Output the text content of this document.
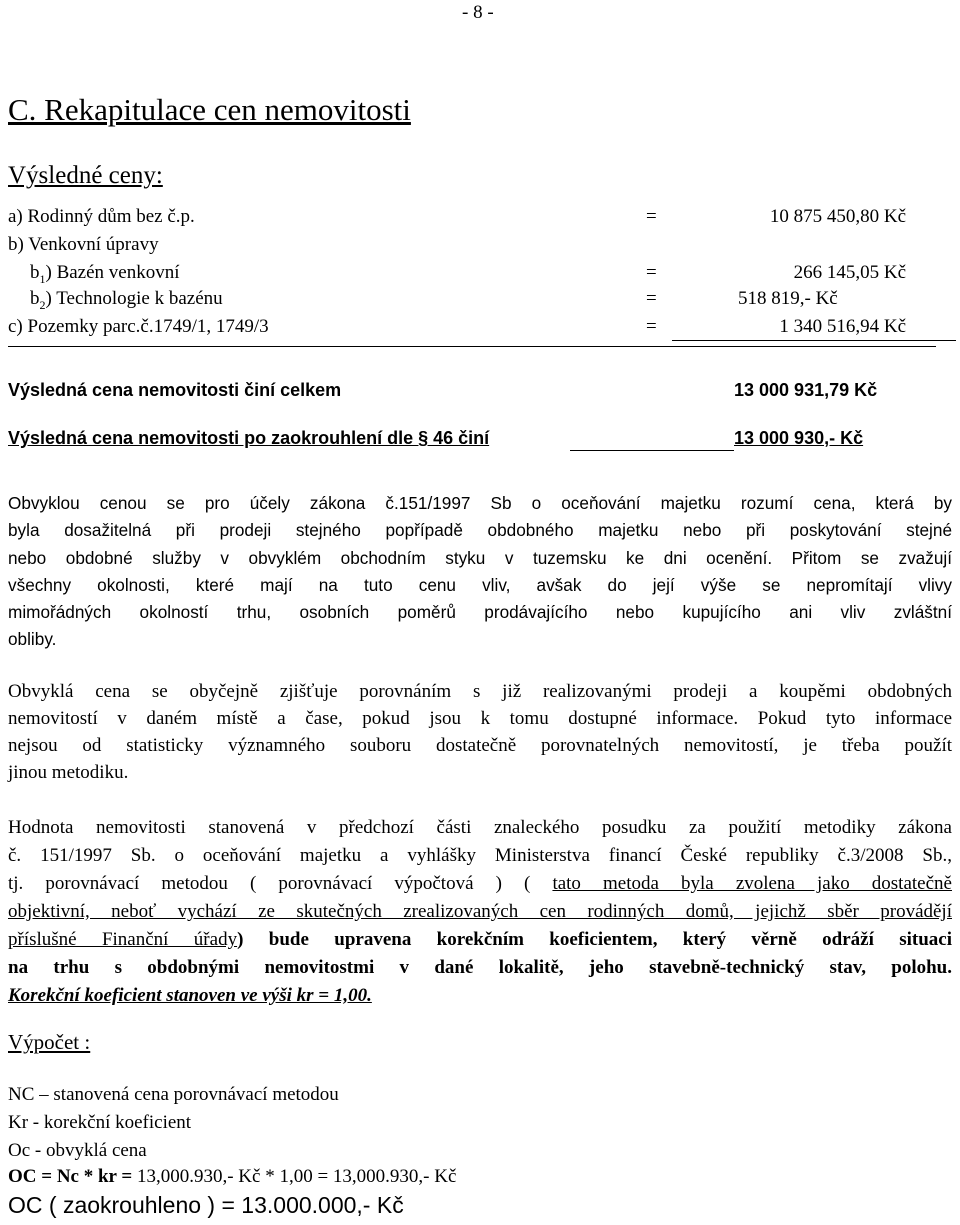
- 8 -
C. Rekapitulace cen nemovitosti
Výsledné ceny:
a) Rodinný dům bez č.p.	=	10 875 450,80 Kč
b) Venkovní úpravy
$b_1$) Bazén venkovní	=	266 145,05 Kč
$b_2$) Technologie k bazénu	=	518 819,- Kč
c) Pozemky parc.č.1749/1, 1749/3	=	1 340 516,94 Kč
Výsledná cena nemovitosti činí celkem	13 000 931,79 Kč
Výsledná cena nemovitosti po zaokrouhlení dle § 46 činí	13 000 930,- Kč
Obvyklou cenou se pro účely zákona č.151/1997 Sb o oceňování majetku rozumí cena, která by
byla dosažitelná při prodeji stejného popřípadě obdobného majetku nebo při poskytování stejné
nebo obdobné služby v obvyklém obchodním styku v tuzemsku ke dni ocenění. Přitom se zvažují
všechny okolnosti, které mají na tuto cenu vliv, avšak do její výše se nepromítají vlivy
mimořádných okolností trhu, osobních poměrů prodávajícího nebo kupujícího ani vliv zvláštní
obliby.
Obvyklá cena se obyčejně zjišťuje porovnáním s již realizovanými prodeji a koupěmi obdobných
nemovitostí v daném místě a čase, pokud jsou k tomu dostupné informace. Pokud tyto informace
nejsou od statisticky významného souboru dostatečně porovnatelných nemovitostí, je třeba použít
jinou metodiku.
Hodnota nemovitosti stanovená v předchozí části znaleckého posudku za použití metodiky zákona
č. 151/1997 Sb. o oceňování majetku a vyhlášky Ministerstva financí České republiky č.3/2008 Sb.,
tj. porovnávací metodou ( porovnávací výpočtová ) ( tato metoda byla zvolena jako dostatečně
objektivní, neboť vychází ze skutečných zrealizovaných cen rodinných domů, jejichž sběr provádějí
příslušné Finanční úřady) bude upravena korekčním koeficientem, který věrně odráží situaci
na trhu s obdobnými nemovitostmi v dané lokalitě, jeho stavebně-technický stav, polohu.
Korekční koeficient stanoven ve výši kr = 1,00.
Výpočet :
NC – stanovená cena porovnávací metodou
Kr - korekční koeficient
Oc - obvyklá cena
OC = Nc * kr = 13,000.930,- Kč * 1,00 = 13,000.930,- Kč
OC ( zaokrouhleno ) = 13.000.000,- Kč
